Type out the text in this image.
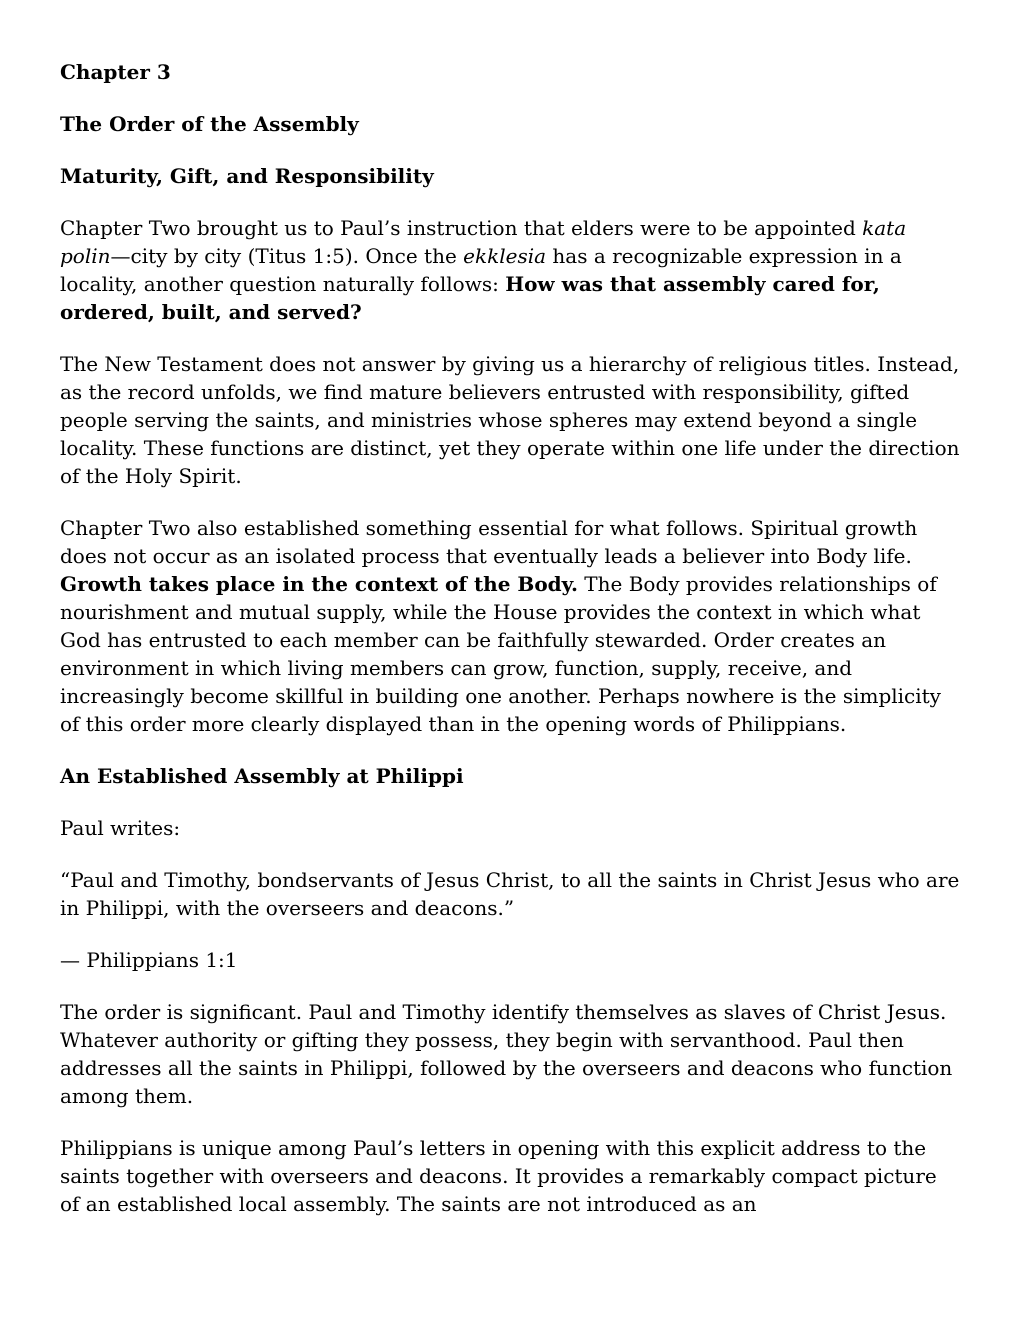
Chapter 3
The Order of the Assembly
Maturity, Gift, and Responsibility

Chapter Two brought us to Paul’s instruction that elders were to be appointed kata polin—city by city (Titus 1:5). Once the ekklesia has a recognizable expression in a locality, another question naturally follows: How was that assembly cared for, ordered, built, and served?

The New Testament does not answer by giving us a hierarchy of religious titles. Instead, as the record unfolds, we find mature believers entrusted with responsibility, gifted people serving the saints, and ministries whose spheres may extend beyond a single locality. These functions are distinct, yet they operate within one life under the direction of the Holy Spirit.

Chapter Two also established something essential for what follows. Spiritual growth does not occur as an isolated process that eventually leads a believer into Body life. Growth takes place in the context of the Body. The Body provides relationships of nourishment and mutual supply, while the House provides the context in which what God has entrusted to each member can be faithfully stewarded. Order creates an environment in which living members can grow, function, supply, receive, and increasingly become skillful in building one another. Perhaps nowhere is the simplicity of this order more clearly displayed than in the opening words of Philippians.

An Established Assembly at Philippi

Paul writes:

“Paul and Timothy, bondservants of Jesus Christ, to all the saints in Christ Jesus who are in Philippi, with the overseers and deacons.”

— Philippians 1:1

The order is significant. Paul and Timothy identify themselves as slaves of Christ Jesus. Whatever authority or gifting they possess, they begin with servanthood. Paul then addresses all the saints in Philippi, followed by the overseers and deacons who function among them.

Philippians is unique among Paul’s letters in opening with this explicit address to the saints together with overseers and deacons. It provides a remarkably compact picture of an established local assembly. The saints are not introduced as an
